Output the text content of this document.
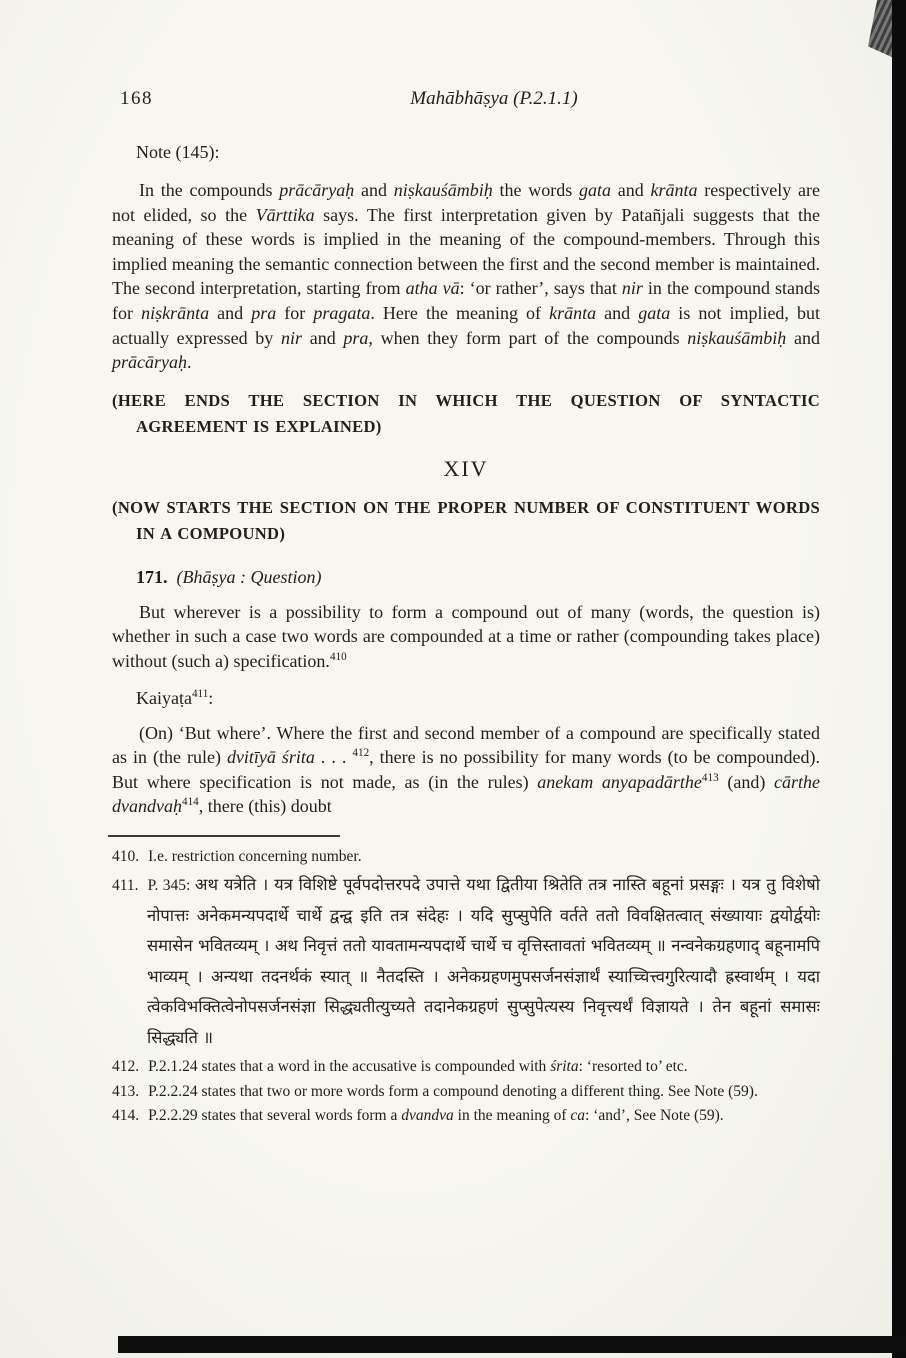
168	Mahābhāṣya (P.2.1.1)

Note (145):

In the compounds prācāryaḥ and niṣkauśāmbiḥ the words gata and krānta respectively are not elided, so the Vārttika says. The first interpretation given by Patañjali suggests that the meaning of these words is implied in the meaning of the compound-members. Through this implied meaning the semantic connection between the first and the second member is maintained. The second interpretation, starting from atha vā: ‘or rather’, says that nir in the compound stands for niṣkrānta and pra for pragata. Here the meaning of krānta and gata is not implied, but actually expressed by nir and pra, when they form part of the compounds niṣkauśāmbiḥ and prācāryaḥ.

(HERE ENDS THE SECTION IN WHICH THE QUESTION OF SYNTACTIC AGREEMENT IS EXPLAINED)

XIV

(NOW STARTS THE SECTION ON THE PROPER NUMBER OF CONSTITUENT WORDS IN A COMPOUND)

171. (Bhāṣya : Question)

But wherever is a possibility to form a compound out of many (words, the question is) whether in such a case two words are compounded at a time or rather (compounding takes place) without (such a) specification.$^{410}$

Kaiyaṭa$^{411}$:

(On) ‘But where’. Where the first and second member of a compound are specifically stated as in (the rule) dvitīyā śrita . . . $^{412}$, there is no possibility for many words (to be compounded). But where specification is not made, as (in the rules) anekam anyapadārthe$^{413}$ (and) cārthe dvandvaḥ$^{414}$, there (this) doubt

410. I.e. restriction concerning number.
411. P. 345: अथ यत्रेति । यत्र विशिष्टे पूर्वपदोत्तरपदे उपात्ते यथा द्वितीया श्रितेति तत्र नास्ति बहूनां प्रसङ्गः । यत्र तु विशेषो नोपात्तः अनेकमन्यपदार्थे चार्थे द्वन्द्व इति तत्र संदेहः । यदि सुप्सुपेति वर्तते ततो विवक्षितत्वात् संख्यायाः द्वयोर्द्वयोः समासेन भवितव्यम् । अथ निवृत्तं ततो यावतामन्यपदार्थे चार्थे च वृत्तिस्तावतां भवितव्यम् ॥ नन्वनेकग्रहणाद् बहूनामपि भाव्यम् । अन्यथा तदनर्थकं स्यात् ॥ नैतदस्ति । अनेकग्रहणमुपसर्जनसंज्ञार्थं स्याच्चित्त्वगुरित्यादौ ह्रस्वार्थम् । यदा त्वेकविभक्तित्वेनोपसर्जनसंज्ञा सिद्ध्यतीत्युच्यते तदानेकग्रहणं सुप्सुपेत्यस्य निवृत्त्यर्थं विज्ञायते । तेन बहूनां समासः सिद्ध्यति ॥
412. P.2.1.24 states that a word in the accusative is compounded with śrita: ‘resorted to’ etc.
413. P.2.2.24 states that two or more words form a compound denoting a different thing. See Note (59).
414. P.2.2.29 states that several words form a dvandva in the meaning of ca: ‘and’, See Note (59).
